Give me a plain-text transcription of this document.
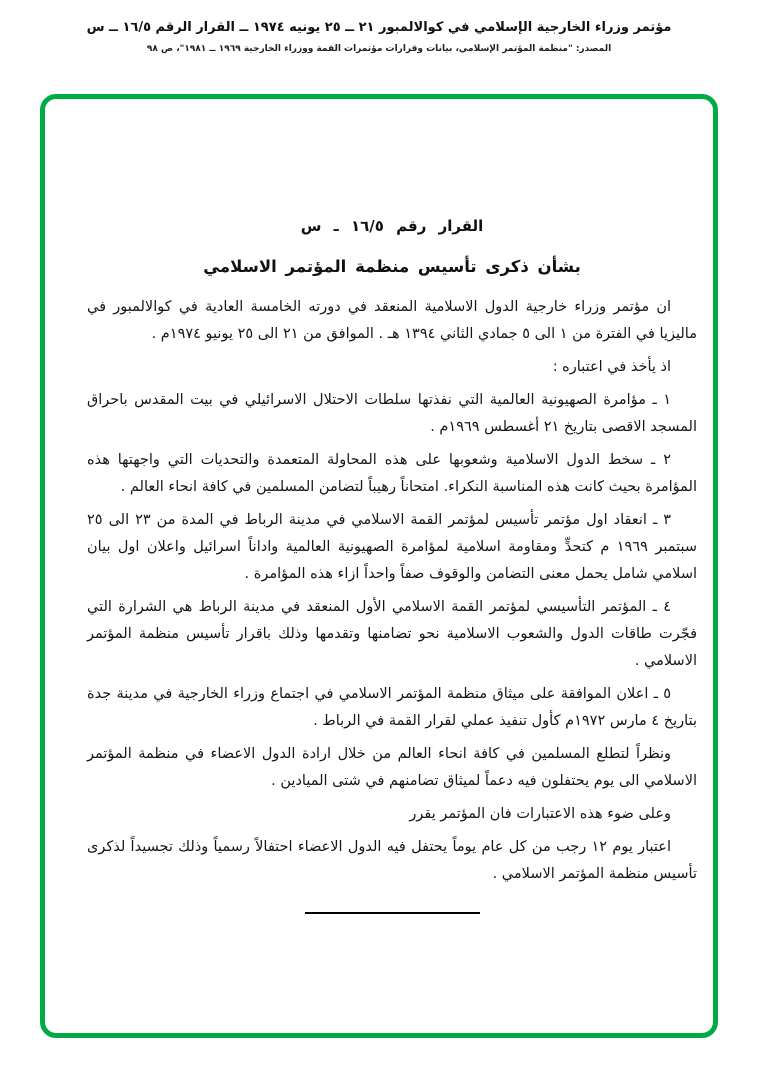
مؤتمر وزراء الخارجية الإسلامي في كوالالمبور ٢١ ــ ٢٥ يونيه ١٩٧٤ ــ القرار الرقم ١٦/٥ ــ س
المصدر: "منظمة المؤتمر الإسلامي، بيانات وقرارات مؤتمرات القمة ووزراء الخارجية ١٩٦٩ ــ ١٩٨١"، ص ٩٨
القرار رقم ١٦/٥ ـ س
بشأن ذكرى تأسيس منظمة المؤتمر الاسلامي

ان مؤتمر وزراء خارجية الدول الاسلامية المنعقد في دورته الخامسة العادية في كوالالمبور في ماليزيا في الفترة من ١ الى ٥ جمادي الثاني ١٣٩٤ هـ . الموافق من ٢١ الى ٢٥ يونيو ١٩٧٤م .

اذ يأخذ في اعتباره :

١ ـ مؤامرة الصهيونية العالمية التي نفذتها سلطات الاحتلال الاسرائيلي في بيت المقدس باحراق المسجد الاقصى بتاريخ ٢١ أغسطس ١٩٦٩م .

٢ ـ سخط الدول الاسلامية وشعوبها على هذه المحاولة المتعمدة والتحديات التي واجهتها هذه المؤامرة بحيث كانت هذه المناسبة النكراء. امتحاناً رهيباً لتضامن المسلمين في كافة انحاء العالم .

٣ ـ انعقاد اول مؤتمر تأسيس لمؤتمر القمة الاسلامي في مدينة الرباط في المدة من ٢٣ الى ٢٥ سبتمبر ١٩٦٩ م كتحدٍّ ومقاومة اسلامية لمؤامرة الصهيونية العالمية واداناً اسرائيل واعلان اول بيان اسلامي شامل يحمل معنى التضامن والوقوف صفاً واحداً ازاء هذه المؤامرة .

٤ ـ المؤتمر التأسيسي لمؤتمر القمة الاسلامي الأول المنعقد في مدينة الرباط هي الشرارة التي فجّرت طاقات الدول والشعوب الاسلامية نحو تضامنها وتقدمها وذلك باقرار تأسيس منظمة المؤتمر الاسلامي .

٥ ـ اعلان الموافقة على ميثاق منظمة المؤتمر الاسلامي في اجتماع وزراء الخارجية في مدينة جدة بتاريخ ٤ مارس ١٩٧٢م كأول تنفيذ عملي لقرار القمة في الرباط .

ونظراً لتطلع المسلمين في كافة انحاء العالم من خلال ارادة الدول الاعضاء في منظمة المؤتمر الاسلامي الى يوم يحتفلون فيه دعماً لميثاق تضامنهم في شتى الميادين .

وعلى ضوء هذه الاعتبارات فان المؤتمر يقرر

اعتبار يوم ١٢ رجب من كل عام يوماً يحتفل فيه الدول الاعضاء احتفالاً رسمياً وذلك تجسيداً لذكرى تأسيس منظمة المؤتمر الاسلامي .
